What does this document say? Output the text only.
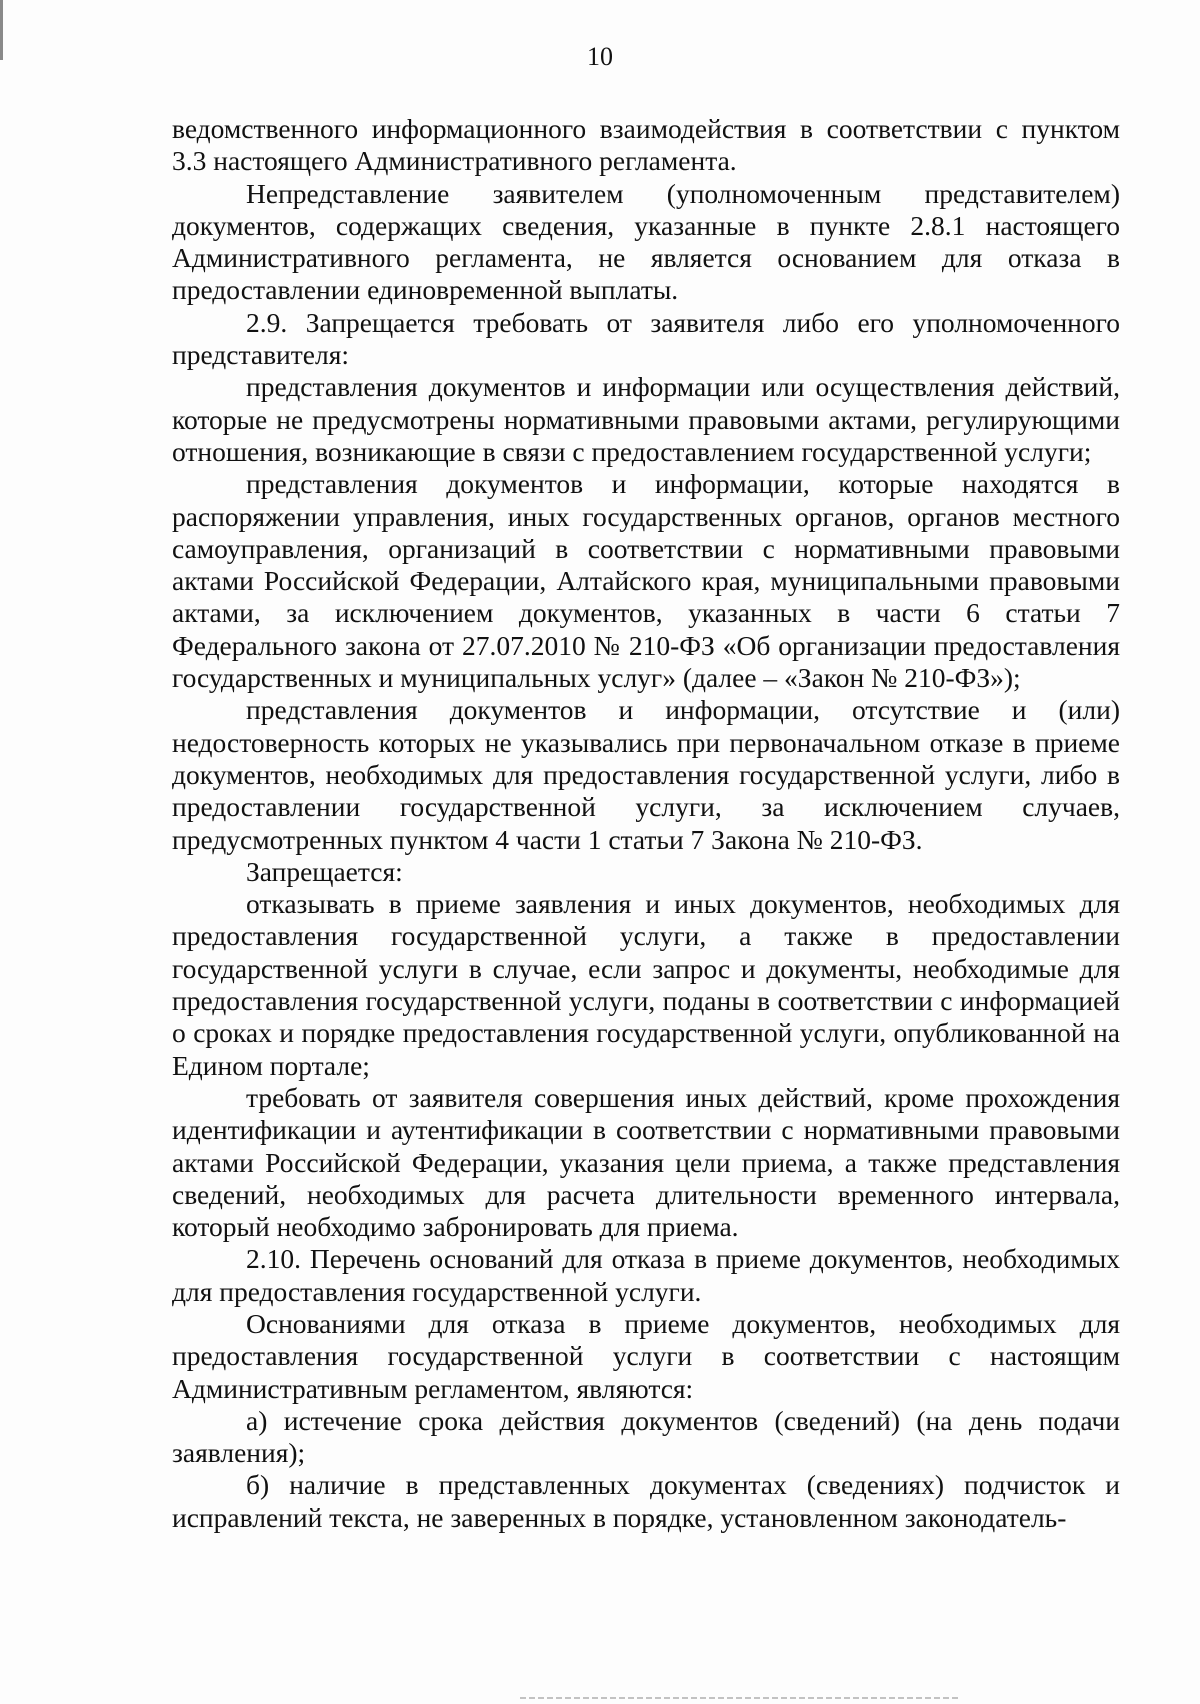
10

ведомственного информационного взаимодействия в соответствии с пунктом 3.3 настоящего Административного регламента.

Непредставление заявителем (уполномоченным представителем) документов, содержащих сведения, указанные в пункте 2.8.1 настоящего Административного регламента, не является основанием для отказа в предоставлении единовременной выплаты.

2.9. Запрещается требовать от заявителя либо его уполномоченного представителя:

представления документов и информации или осуществления действий, которые не предусмотрены нормативными правовыми актами, регулирующими отношения, возникающие в связи с предоставлением государственной услуги;

представления документов и информации, которые находятся в распоряжении управления, иных государственных органов, органов местного самоуправления, организаций в соответствии с нормативными правовыми актами Российской Федерации, Алтайского края, муниципальными правовыми актами, за исключением документов, указанных в части 6 статьи 7 Федерального закона от 27.07.2010 № 210-ФЗ «Об организации предоставления государственных и муниципальных услуг» (далее – «Закон № 210-ФЗ»);

представления документов и информации, отсутствие и (или) недостоверность которых не указывались при первоначальном отказе в приеме документов, необходимых для предоставления государственной услуги, либо в предоставлении государственной услуги, за исключением случаев, предусмотренных пунктом 4 части 1 статьи 7 Закона № 210-ФЗ.

Запрещается:

отказывать в приеме заявления и иных документов, необходимых для предоставления государственной услуги, а также в предоставлении государственной услуги в случае, если запрос и документы, необходимые для предоставления государственной услуги, поданы в соответствии с информацией о сроках и порядке предоставления государственной услуги, опубликованной на Едином портале;

требовать от заявителя совершения иных действий, кроме прохождения идентификации и аутентификации в соответствии с нормативными правовыми актами Российской Федерации, указания цели приема, а также представления сведений, необходимых для расчета длительности временного интервала, который необходимо забронировать для приема.

2.10. Перечень оснований для отказа в приеме документов, необходимых для предоставления государственной услуги.

Основаниями для отказа в приеме документов, необходимых для предоставления государственной услуги в соответствии с настоящим Административным регламентом, являются:

а) истечение срока действия документов (сведений) (на день подачи заявления);

б) наличие в представленных документах (сведениях) подчисток и исправлений текста, не заверенных в порядке, установленном законодатель-
